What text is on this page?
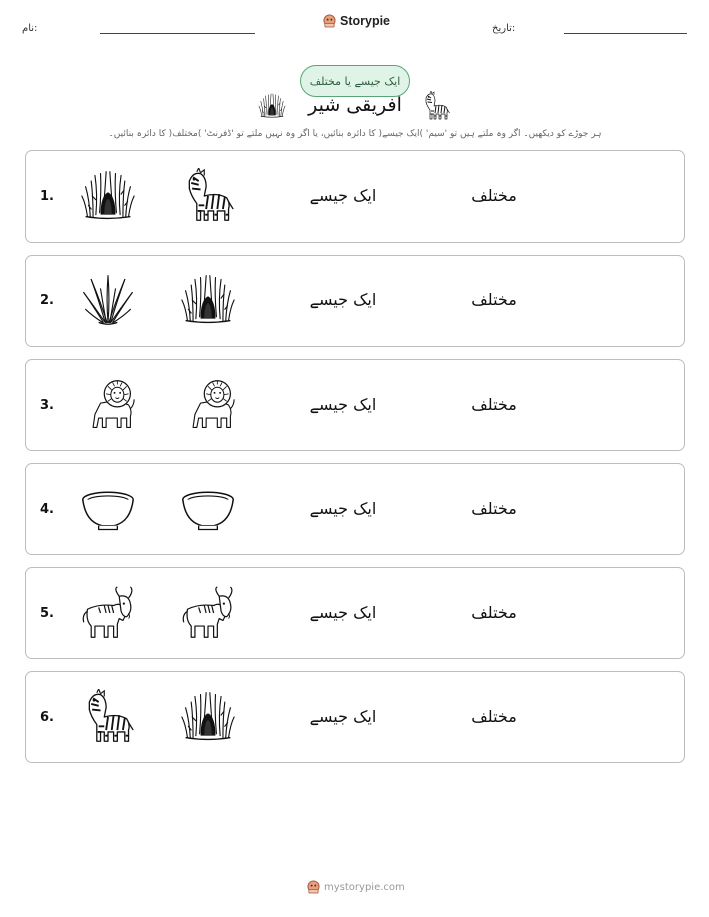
نام:
Storypie
تاریخ:
ایک جیسے یا مختلف
افریقی شیر
ہر جوڑے کو دیکھیں۔ اگر وہ ملتے ہیں تو 'سیم' )ایک جیسے( کا دائرہ بنائیں، یا اگر وہ نہیں ملتے تو 'ڈفرنٹ' )مختلف( کا دائرہ بنائیں۔
1.	ایک جیسے	مختلف
2.	ایک جیسے	مختلف
3.	ایک جیسے	مختلف
4.	ایک جیسے	مختلف
5.	ایک جیسے	مختلف
6.	ایک جیسے	مختلف
mystorypie.com
